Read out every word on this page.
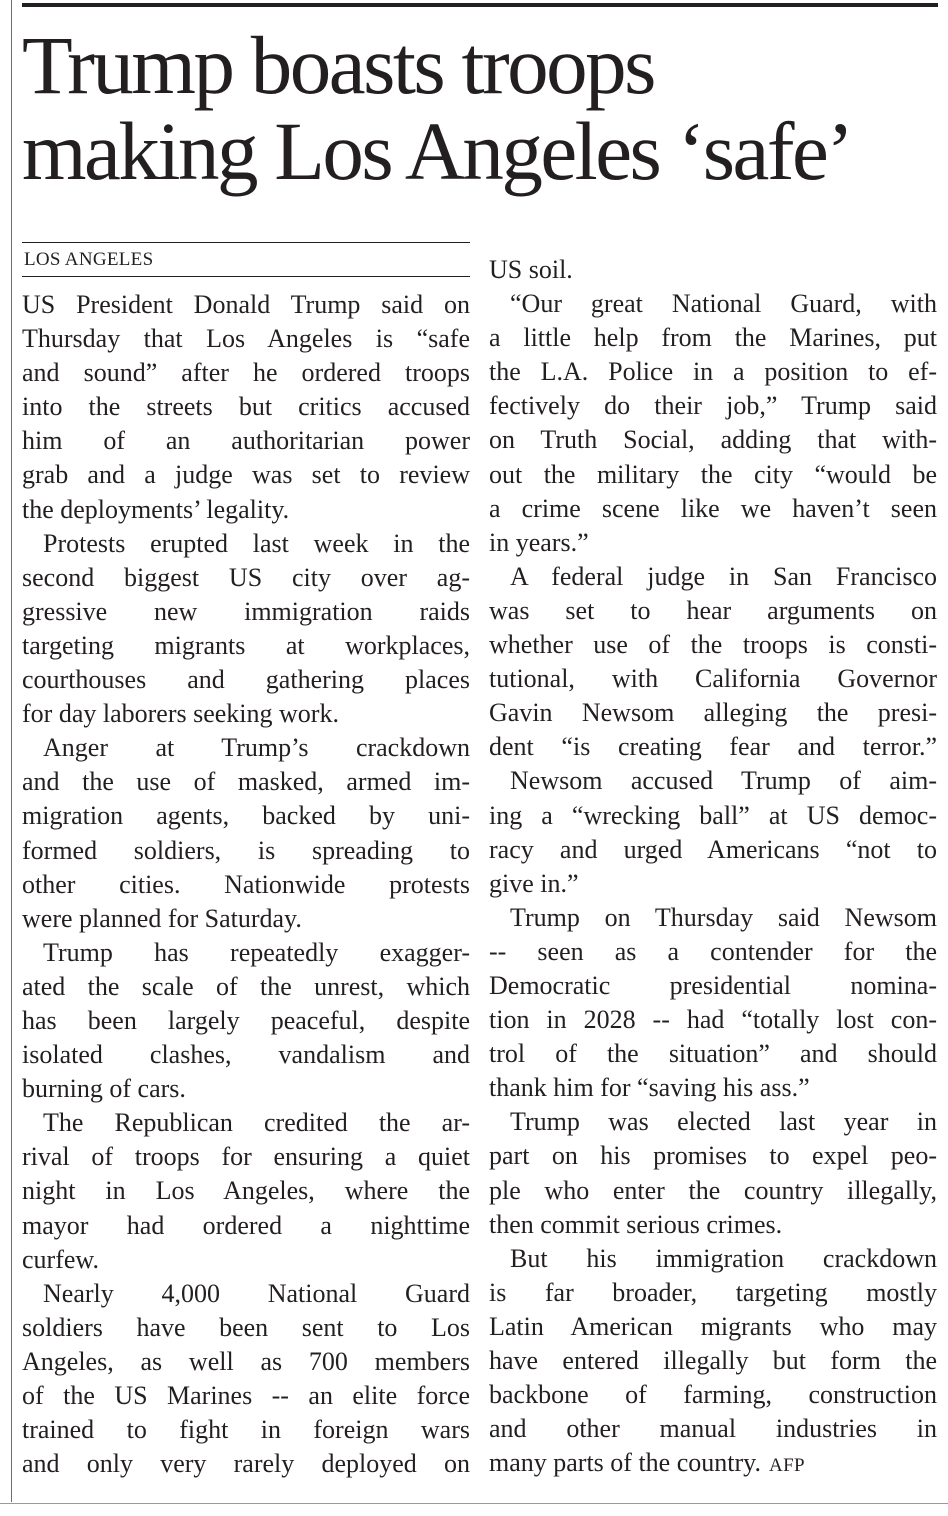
Trump boasts troops
making Los Angeles ‘safe’
LOS ANGELES
US President Donald Trump said on
Thursday that Los Angeles is “safe
and sound” after he ordered troops
into the streets but critics accused
him of an authoritarian power
grab and a judge was set to review
the deployments’ legality.
Protests erupted last week in the
second biggest US city over ag-
gressive new immigration raids
targeting migrants at workplaces,
courthouses and gathering places
for day laborers seeking work.
Anger at Trump’s crackdown
and the use of masked, armed im-
migration agents, backed by uni-
formed soldiers, is spreading to
other cities. Nationwide protests
were planned for Saturday.
Trump has repeatedly exagger-
ated the scale of the unrest, which
has been largely peaceful, despite
isolated clashes, vandalism and
burning of cars.
The Republican credited the ar-
rival of troops for ensuring a quiet
night in Los Angeles, where the
mayor had ordered a nighttime
curfew.
Nearly 4,000 National Guard
soldiers have been sent to Los
Angeles, as well as 700 members
of the US Marines -- an elite force
trained to fight in foreign wars
and only very rarely deployed on
US soil.
“Our great National Guard, with
a little help from the Marines, put
the L.A. Police in a position to ef-
fectively do their job,” Trump said
on Truth Social, adding that with-
out the military the city “would be
a crime scene like we haven’t seen
in years.”
A federal judge in San Francisco
was set to hear arguments on
whether use of the troops is consti-
tutional, with California Governor
Gavin Newsom alleging the presi-
dent “is creating fear and terror.”
Newsom accused Trump of aim-
ing a “wrecking ball” at US democ-
racy and urged Americans “not to
give in.”
Trump on Thursday said Newsom
-- seen as a contender for the
Democratic presidential nomina-
tion in 2028 -- had “totally lost con-
trol of the situation” and should
thank him for “saving his ass.”
Trump was elected last year in
part on his promises to expel peo-
ple who enter the country illegally,
then commit serious crimes.
But his immigration crackdown
is far broader, targeting mostly
Latin American migrants who may
have entered illegally but form the
backbone of farming, construction
and other manual industries in
many parts of the country. AFP
